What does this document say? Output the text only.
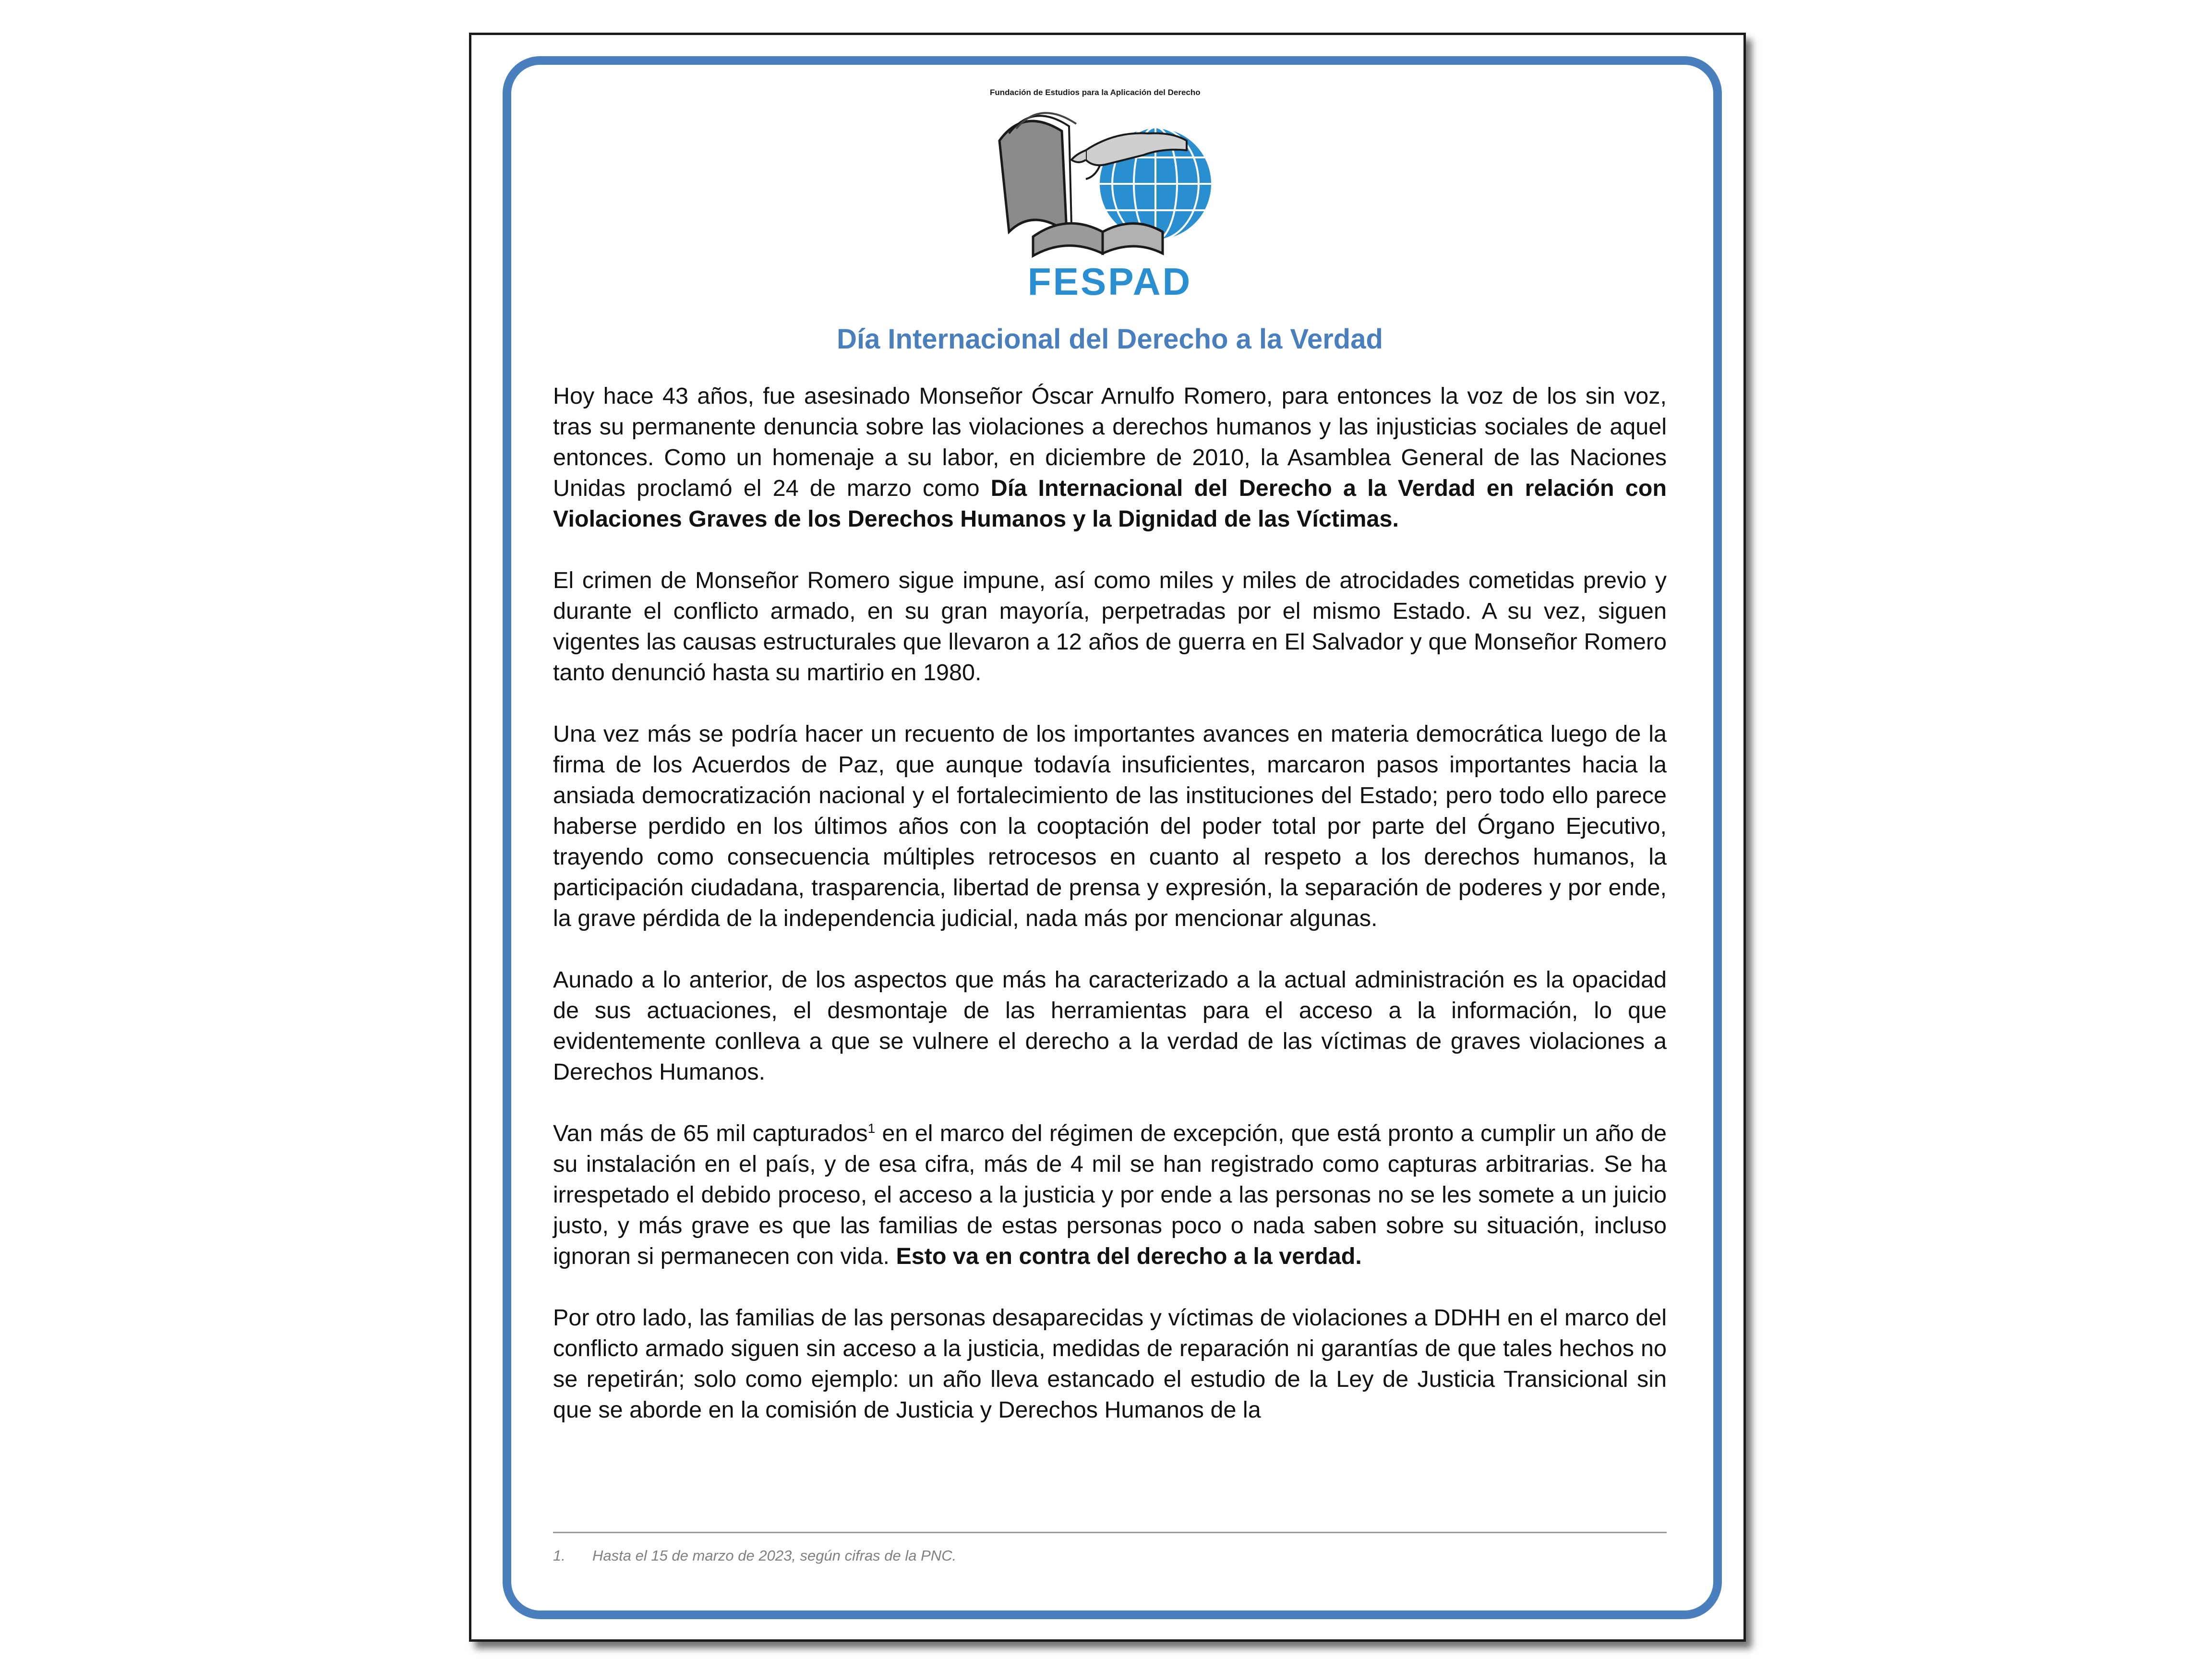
Fundación de Estudios para la Aplicación del Derecho
FESPAD
Día Internacional del Derecho a la Verdad

Hoy hace 43 años, fue asesinado Monseñor Óscar Arnulfo Romero, para entonces la voz de los sin voz, tras su permanente denuncia sobre las violaciones a derechos humanos y las injusticias sociales de aquel entonces. Como un homenaje a su labor, en diciembre de 2010, la Asamblea General de las Naciones Unidas proclamó el 24 de marzo como Día Internacional del Derecho a la Verdad en relación con Violaciones Graves de los Derechos Humanos y la Dignidad de las Víctimas.

El crimen de Monseñor Romero sigue impune, así como miles y miles de atrocidades cometidas previo y durante el conflicto armado, en su gran mayoría, perpetradas por el mismo Estado. A su vez, siguen vigentes las causas estructurales que llevaron a 12 años de guerra en El Salvador y que Monseñor Romero tanto denunció hasta su martirio en 1980.

Una vez más se podría hacer un recuento de los importantes avances en materia democrática luego de la firma de los Acuerdos de Paz, que aunque todavía insuficientes, marcaron pasos importantes hacia la ansiada democratización nacional y el fortalecimiento de las instituciones del Estado; pero todo ello parece haberse perdido en los últimos años con la cooptación del poder total por parte del Órgano Ejecutivo, trayendo como consecuencia múltiples retrocesos en cuanto al respeto a los derechos humanos, la participación ciudadana, trasparencia, libertad de prensa y expresión, la separación de poderes y por ende, la grave pérdida de la independencia judicial, nada más por mencionar algunas.

Aunado a lo anterior, de los aspectos que más ha caracterizado a la actual administración es la opacidad de sus actuaciones, el desmontaje de las herramientas para el acceso a la información, lo que evidentemente conlleva a que se vulnere el derecho a la verdad de las víctimas de graves violaciones a Derechos Humanos.

Van más de 65 mil capturados$^1$ en el marco del régimen de excepción, que está pronto a cumplir un año de su instalación en el país, y de esa cifra, más de 4 mil se han registrado como capturas arbitrarias. Se ha irrespetado el debido proceso, el acceso a la justicia y por ende a las personas no se les somete a un juicio justo, y más grave es que las familias de estas personas poco o nada saben sobre su situación, incluso ignoran si permanecen con vida. Esto va en contra del derecho a la verdad.

Por otro lado, las familias de las personas desaparecidas y víctimas de violaciones a DDHH en el marco del conflicto armado siguen sin acceso a la justicia, medidas de reparación ni garantías de que tales hechos no se repetirán; solo como ejemplo: un año lleva estancado el estudio de la Ley de Justicia Transicional sin que se aborde en la comisión de Justicia y Derechos Humanos de la

1. Hasta el 15 de marzo de 2023, según cifras de la PNC.
